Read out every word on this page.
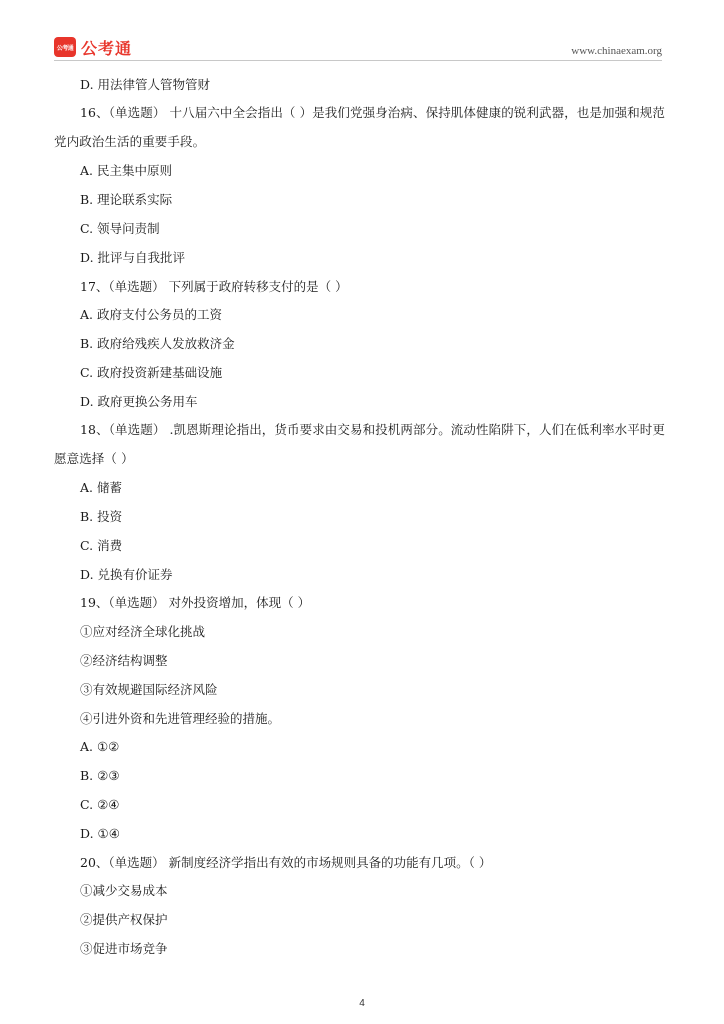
公考通 公考通	www.chinaexam.org
D. 用法律管人管物管财
16、（单选题） 十八届六中全会指出（ ）是我们党强身治病、保持肌体健康的锐利武器，也是加强和规范党内政治生活的重要手段。
A. 民主集中原则
B. 理论联系实际
C. 领导问责制
D. 批评与自我批评
17、（单选题） 下列属于政府转移支付的是（ ）
A. 政府支付公务员的工资
B. 政府给残疾人发放救济金
C. 政府投资新建基础设施
D. 政府更换公务用车
18、（单选题） .凯恩斯理论指出，货币要求由交易和投机两部分。流动性陷阱下，人们在低利率水平时更愿意选择（ ）
A. 储蓄
B. 投资
C. 消费
D. 兑换有价证券
19、（单选题） 对外投资增加，体现（ ）
①应对经济全球化挑战
②经济结构调整
③有效规避国际经济风险
④引进外资和先进管理经验的措施。
A. ①②
B. ②③
C. ②④
D. ①④
20、（单选题） 新制度经济学指出有效的市场规则具备的功能有几项。（ ）
①减少交易成本
②提供产权保护
③促进市场竞争
4
